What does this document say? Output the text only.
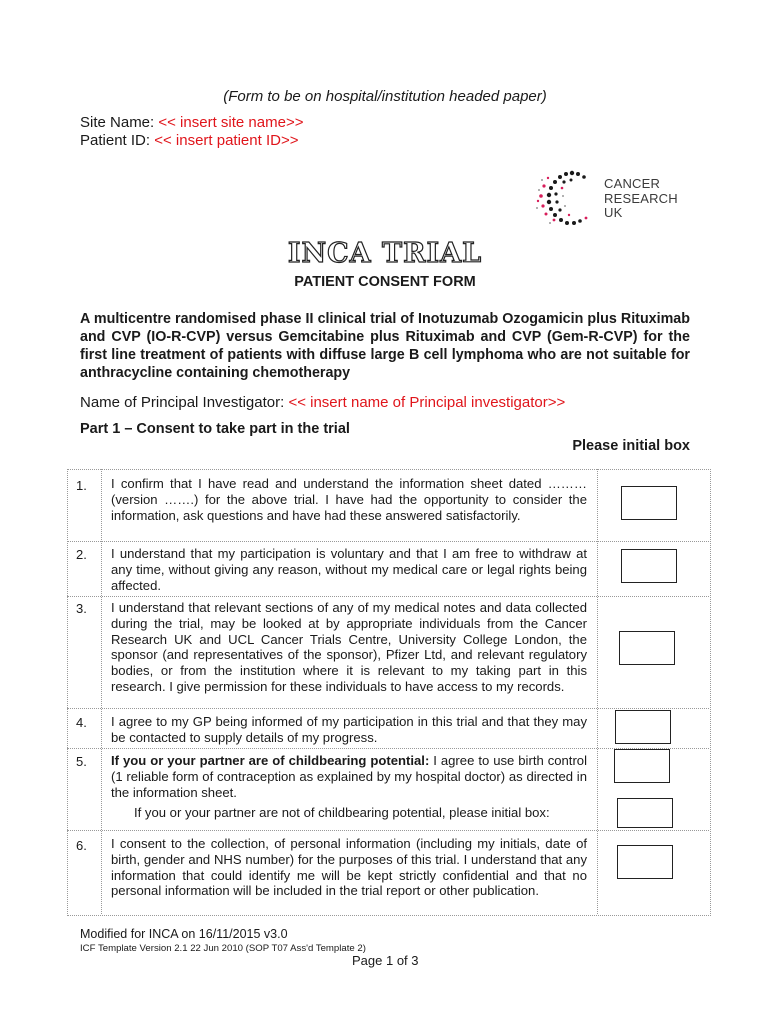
(Form to be on hospital/institution headed paper)
Site Name: << insert site name>>
Patient ID: << insert patient ID>>
CANCER
RESEARCH
UK
INCA TRIAL
PATIENT CONSENT FORM
A multicentre randomised phase II clinical trial of Inotuzumab Ozogamicin plus Rituximab and CVP (IO-R-CVP) versus Gemcitabine plus Rituximab and CVP (Gem-R-CVP) for the first line treatment of patients with diffuse large B cell lymphoma who are not suitable for anthracycline containing chemotherapy
Name of Principal Investigator: << insert name of Principal investigator>>
Part 1 – Consent to take part in the trial
Please initial box
1. I confirm that I have read and understand the information sheet dated ……… (version …….) for the above trial. I have had the opportunity to consider the information, ask questions and have had these answered satisfactorily.
2. I understand that my participation is voluntary and that I am free to withdraw at any time, without giving any reason, without my medical care or legal rights being affected.
3. I understand that relevant sections of any of my medical notes and data collected during the trial, may be looked at by appropriate individuals from the Cancer Research UK and UCL Cancer Trials Centre, University College London, the sponsor (and representatives of the sponsor), Pfizer Ltd, and relevant regulatory bodies, or from the institution where it is relevant to my taking part in this research. I give permission for these individuals to have access to my records.
4. I agree to my GP being informed of my participation in this trial and that they may be contacted to supply details of my progress.
5. If you or your partner are of childbearing potential: I agree to use birth control (1 reliable form of contraception as explained by my hospital doctor) as directed in the information sheet.
If you or your partner are not of childbearing potential, please initial box:
6. I consent to the collection, of personal information (including my initials, date of birth, gender and NHS number) for the purposes of this trial. I understand that any information that could identify me will be kept strictly confidential and that no personal information will be included in the trial report or other publication.
Modified for INCA on 16/11/2015 v3.0
ICF Template Version 2.1 22 Jun 2010 (SOP T07 Ass'd Template 2)
Page 1 of 3
